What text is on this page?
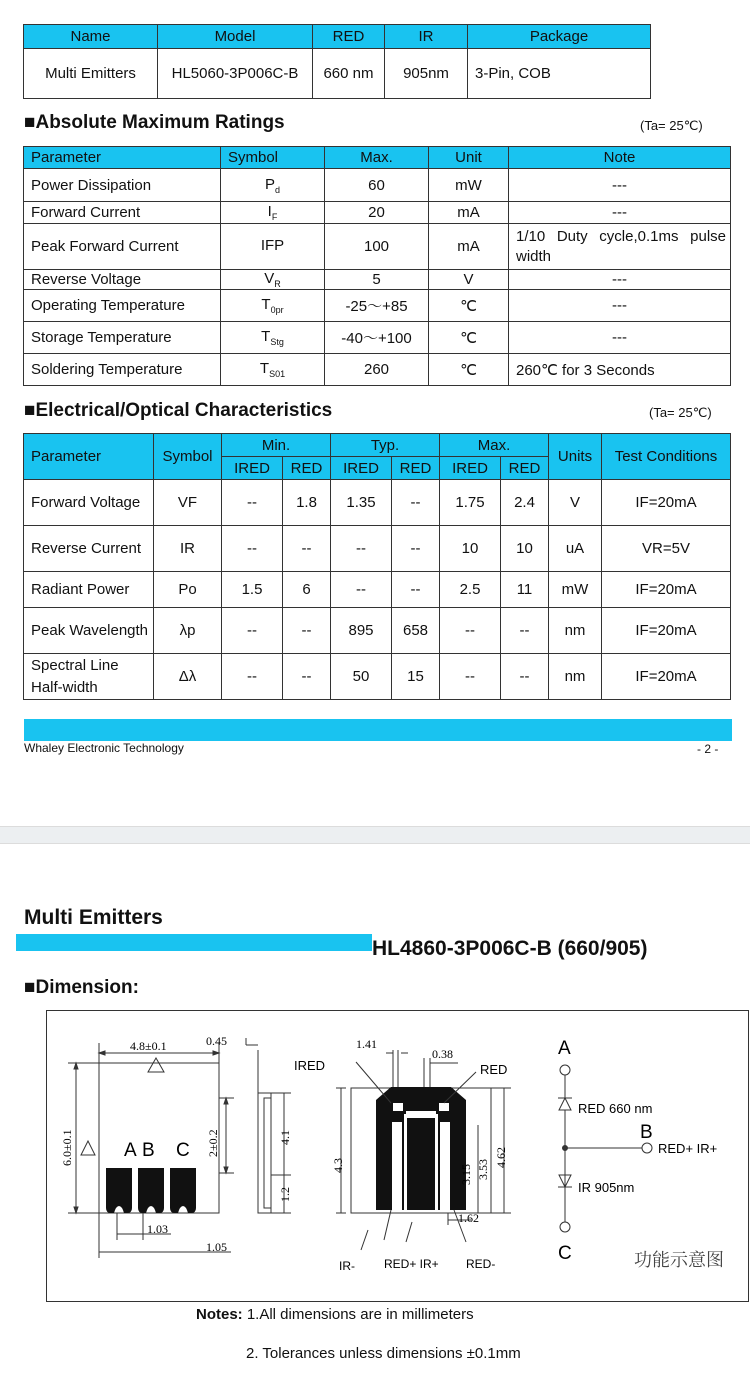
Name	Model	RED	IR	Package
Multi Emitters	HL5060-3P006C-B	660 nm	905nm	3-Pin, COB
■Absolute Maximum Ratings	(Ta= 25℃)
Parameter	Symbol	Max.	Unit	Note
Power Dissipation	$P_d$	60	mW	---
Forward Current	$I_F$	20	mA	---
Peak Forward Current	IFP	100	mA	1/10 Duty cycle,0.1ms pulse width
Reverse Voltage	$V_R$	5	V	---
Operating Temperature	$T_{0pr}$	-25～+85	℃	---
Storage Temperature	$T_{Stg}$	-40～+100	℃	---
Soldering Temperature	$T_{S01}$	260	℃	260℃ for 3 Seconds
■Electrical/Optical Characteristics	(Ta= 25℃)
Parameter	Symbol	Min.		Typ.		Max.		Units	Test Conditions
		IRED	RED	IRED	RED	IRED	RED		
Forward Voltage	VF	--	1.8	1.35	--	1.75	2.4	V	IF=20mA
Reverse Current	IR	--	--	--	--	10	10	uA	VR=5V
Radiant Power	Po	1.5	6	--	--	2.5	11	mW	IF=20mA
Peak Wavelength	λp	--	--	895	658	--	--	nm	IF=20mA
Spectral Line Half-width	Δλ	--	--	50	15	--	--	nm	IF=20mA
Whaley Electronic Technology	- 2 -
Multi Emitters
HL4860-3P006C-B (660/905)
■Dimension:
A B C
4.8±0.1
6.0±0.1	2±0.2
1.03
1.05
0.45
4.1
1.2
IRED	RED
IR- RED+ IR+ RED-
1.41
0.38
4.3	3.15 3.53
4.62
1.62
A
B
C
RED 660 nm
IR 905nm
RED+ IR+
功能示意图
Notes: 1.All dimensions are in millimeters
2. Tolerances unless dimensions ±0.1mm
